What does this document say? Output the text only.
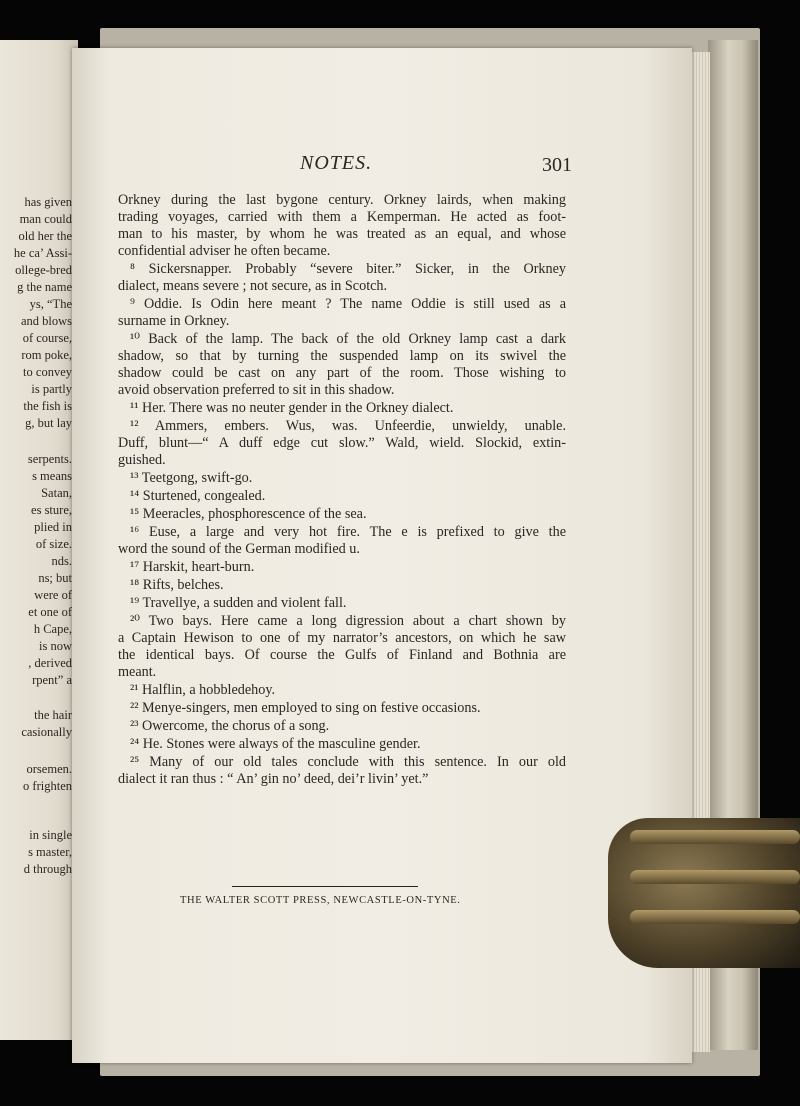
has given
man could
old her the
he ca’ Assi-
ollege-bred
g the name
ys, “The
and blows
of course,
rom poke,
to convey
is partly
the fish is
g, but lay
serpents.
s means
Satan,
es sture,
plied in
of size.
nds.
ns; but
were of
et one of
h Cape,
is now
, derived
rpent” a
the hair
casionally
orsemen.
o frighten
in single
s master,
d through
NOTES.	301
Orkney during the last bygone century. Orkney lairds, when making
trading voyages, carried with them a Kemperman. He acted as foot-
man to his master, by whom he was treated as an equal, and whose
confidential adviser he often became.
⁸ Sickersnapper. Probably “severe biter.” Sicker, in the Orkney
dialect, means severe ; not secure, as in Scotch.
⁹ Oddie. Is Odin here meant ? The name Oddie is still used as a
surname in Orkney.
¹⁰ Back of the lamp. The back of the old Orkney lamp cast a dark
shadow, so that by turning the suspended lamp on its swivel the
shadow could be cast on any part of the room. Those wishing to
avoid observation preferred to sit in this shadow.
¹¹ Her. There was no neuter gender in the Orkney dialect.
¹² Ammers, embers. Wus, was. Unfeerdie, unwieldy, unable.
Duff, blunt—“ A duff edge cut slow.” Wald, wield. Slockid, extin-
guished.
¹³ Teetgong, swift-go.
¹⁴ Sturtened, congealed.
¹⁵ Meeracles, phosphorescence of the sea.
¹⁶ Euse, a large and very hot fire. The e is prefixed to give the
word the sound of the German modified u.
¹⁷ Harskit, heart-burn.
¹⁸ Rifts, belches.
¹⁹ Travellye, a sudden and violent fall.
²⁰ Two bays. Here came a long digression about a chart shown by
a Captain Hewison to one of my narrator’s ancestors, on which he saw
the identical bays. Of course the Gulfs of Finland and Bothnia are
meant.
²¹ Halflin, a hobbledehoy.
²² Menye-singers, men employed to sing on festive occasions.
²³ Owercome, the chorus of a song.
²⁴ He. Stones were always of the masculine gender.
²⁵ Many of our old tales conclude with this sentence. In our old
dialect it ran thus : “ An’ gin no’ deed, dei’r livin’ yet.”
THE WALTER SCOTT PRESS, NEWCASTLE-ON-TYNE.
